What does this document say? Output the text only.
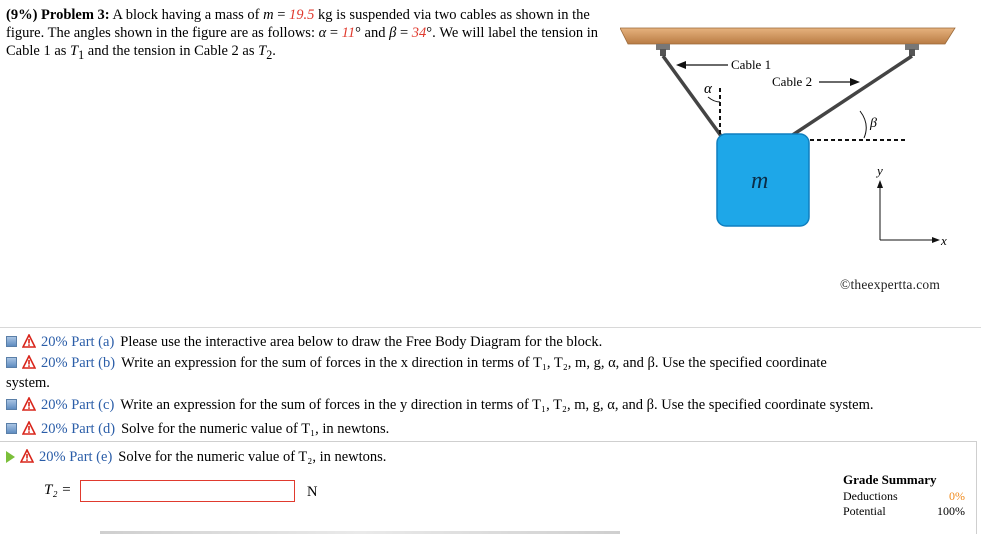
(9%) Problem 3: A block having a mass of m = 19.5 kg is suspended via two cables as shown in the figure. The angles shown in the figure are as follows: α = 11° and β = 34°. We will label the tension in Cable 1 as $T_1$ and the tension in Cable 2 as $T_2$.
α
β
Cable 1
Cable 2
m	y
x
©theexpertta.com
20% Part (a) Please use the interactive area below to draw the Free Body Diagram for the block.
20% Part (b) Write an expression for the sum of forces in the x direction in terms of T₁, T₂, m, g, α, and β. Use the specified coordinate
system.
20% Part (c) Write an expression for the sum of forces in the y direction in terms of T₁, T₂, m, g, α, and β. Use the specified coordinate system.
20% Part (d) Solve for the numeric value of T₁, in newtons.
20% Part (e) Solve for the numeric value of T₂, in newtons.
T₂ =	N
Grade Summary
Deductions	0%
Potential	100%
